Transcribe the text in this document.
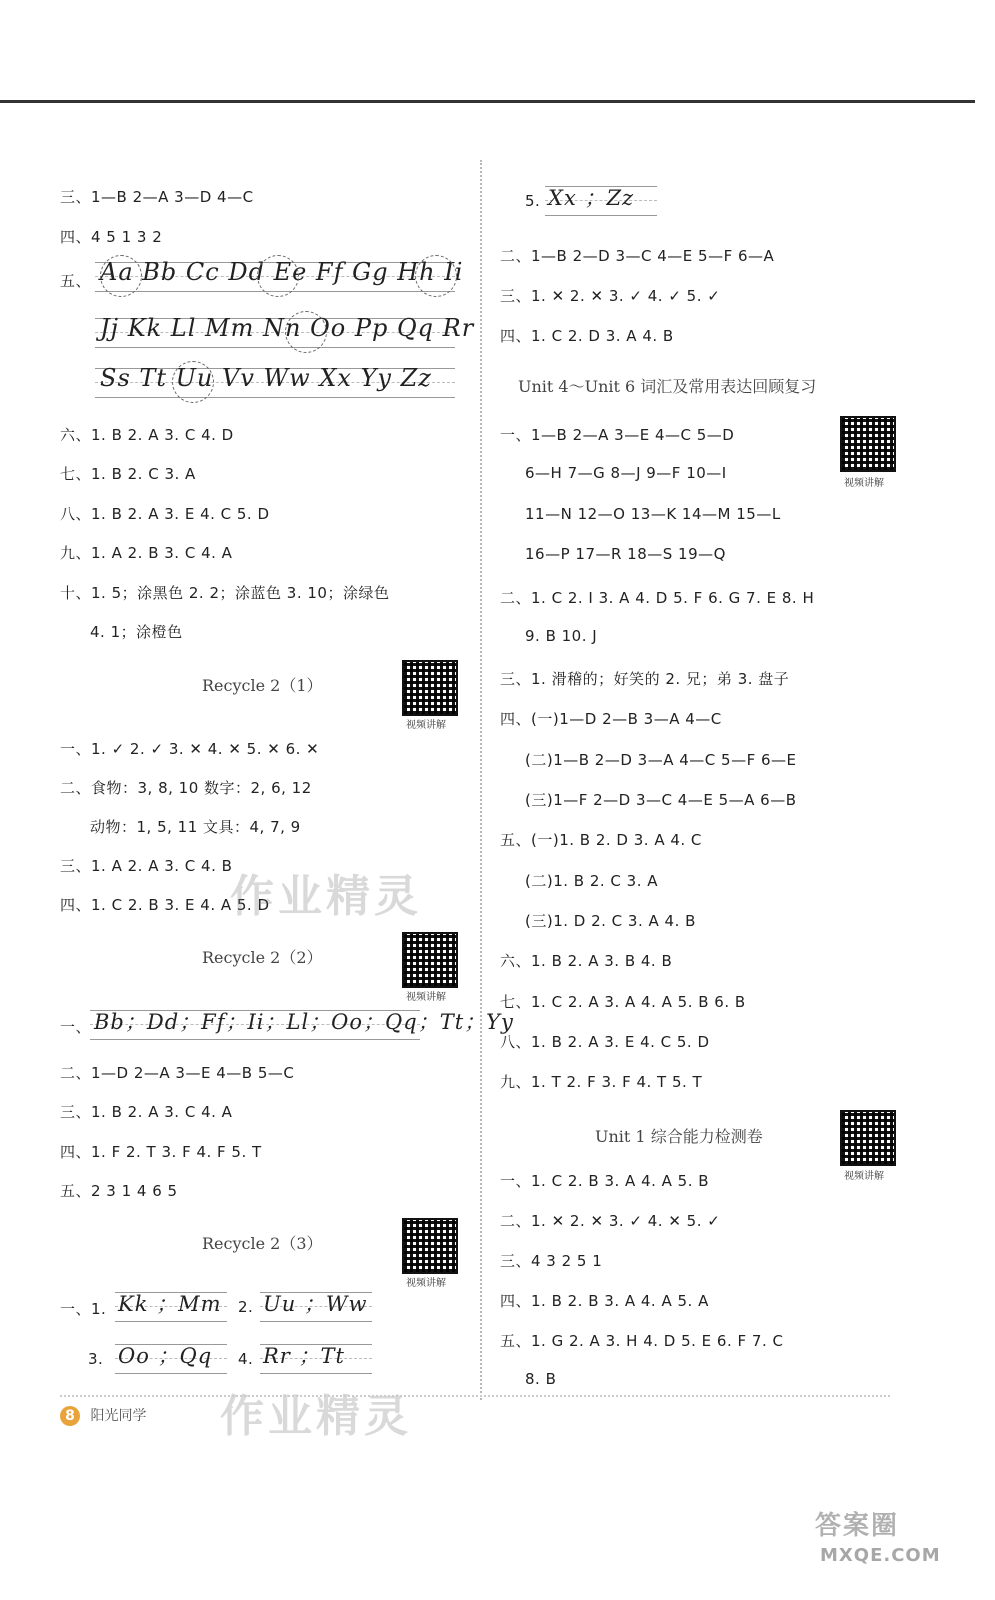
三、1—B 2—A 3—D 4—C
四、4 5 1 3 2
五、 Aa Bb Cc Dd Ee Ff Gg Hh Ii
Jj Kk Ll Mm Nn Oo Pp Qq Rr
Ss Tt Uu Vv Ww Xx Yy Zz
六、1. B 2. A 3. C 4. D
七、1. B 2. C 3. A
八、1. B 2. A 3. E 4. C 5. D
九、1. A 2. B 3. C 4. A
十、1. 5；涂黑色 2. 2；涂蓝色 3. 10；涂绿色
4. 1；涂橙色
Recycle 2（1）
视频讲解
一、1. ✓ 2. ✓ 3. ✕ 4. ✕ 5. ✕ 6. ✕
二、食物：3, 8, 10 数字：2, 6, 12
动物：1, 5, 11 文具：4, 7, 9
三、1. A 2. A 3. C 4. B
四、1. C 2. B 3. E 4. A 5. D
Recycle 2（2）
视频讲解
一、 Bb；Dd；Ff；Ii；Ll；Oo；Qq；Tt；Yy
二、1—D 2—A 3—E 4—B 5—C
三、1. B 2. A 3. C 4. A
四、1. F 2. T 3. F 4. F 5. T
五、2 3 1 4 6 5
Recycle 2（3）
视频讲解
一、1. Kk ；Mm 2. Uu ；Ww
3. Oo ；Qq 4. Rr ；Tt
5. Xx ；Zz
二、1—B 2—D 3—C 4—E 5—F 6—A
三、1. ✕ 2. ✕ 3. ✓ 4. ✓ 5. ✓
四、1. C 2. D 3. A 4. B
Unit 4～Unit 6 词汇及常用表达回顾复习
一、1—B 2—A 3—E 4—C 5—D
视频讲解
6—H 7—G 8—J 9—F 10—I
11—N 12—O 13—K 14—M 15—L
16—P 17—R 18—S 19—Q
二、1. C 2. I 3. A 4. D 5. F 6. G 7. E 8. H
9. B 10. J
三、1. 滑稽的；好笑的 2. 兄；弟 3. 盘子
四、(一)1—D 2—B 3—A 4—C
(二)1—B 2—D 3—A 4—C 5—F 6—E
(三)1—F 2—D 3—C 4—E 5—A 6—B
五、(一)1. B 2. D 3. A 4. C
(二)1. B 2. C 3. A
(三)1. D 2. C 3. A 4. B
六、1. B 2. A 3. B 4. B
七、1. C 2. A 3. A 4. A 5. B 6. B
八、1. B 2. A 3. E 4. C 5. D
九、1. T 2. F 3. F 4. T 5. T
Unit 1 综合能力检测卷
视频讲解
一、1. C 2. B 3. A 4. A 5. B
二、1. ✕ 2. ✕ 3. ✓ 4. ✕ 5. ✓
三、4 3 2 5 1
四、1. B 2. B 3. A 4. A 5. A
五、1. G 2. A 3. H 4. D 5. E 6. F 7. C
8. B
作业精灵
作业精灵
8 阳光同学
答案圈
MXQE.COM
